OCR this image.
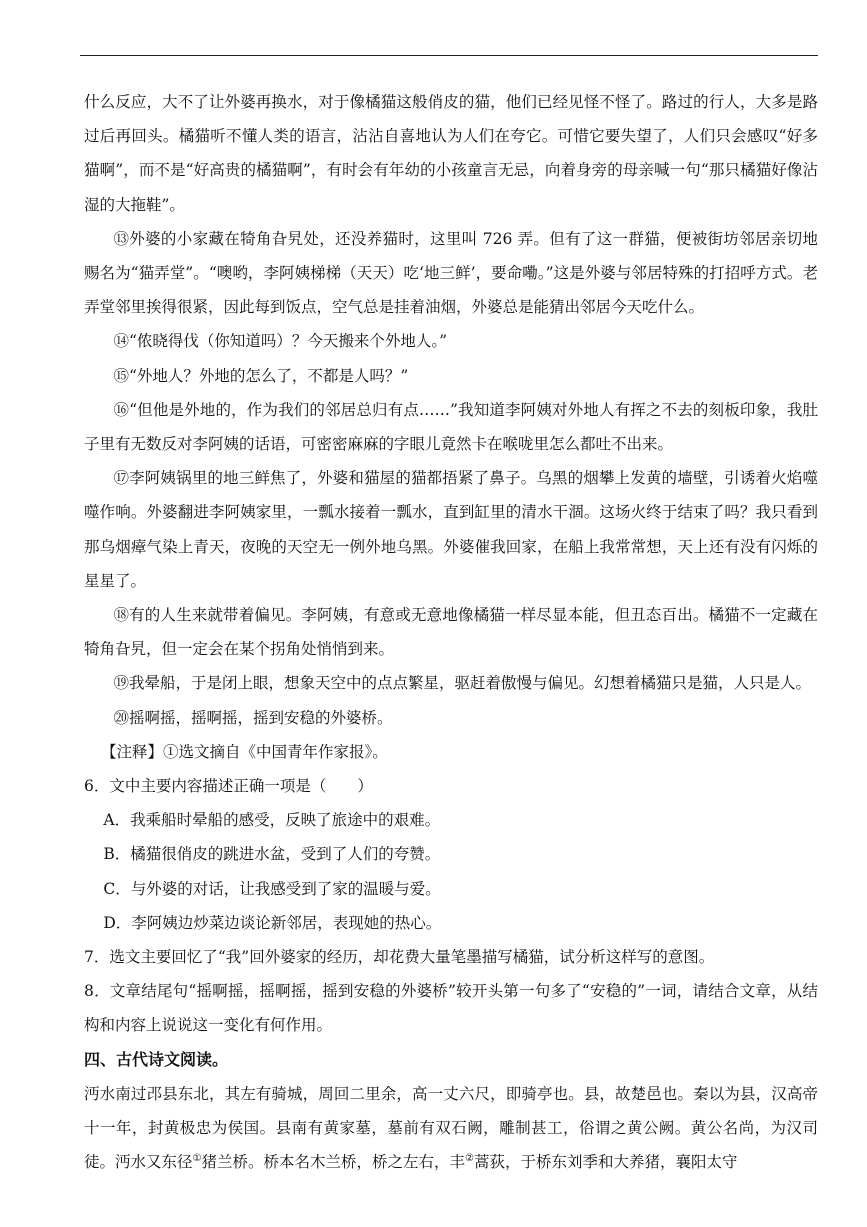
什么反应，大不了让外婆再换水，对于像橘猫这般俏皮的猫，他们已经见怪不怪了。路过的行人，大多是路过后再回头。橘猫听不懂人类的语言，沾沾自喜地认为人们在夸它。可惜它要失望了，人们只会感叹“好多猫啊”，而不是“好高贵的橘猫啊”，有时会有年幼的小孩童言无忌，向着身旁的母亲喊一句“那只橘猫好像沾湿的大拖鞋”。

⑬外婆的小家藏在犄角旮旯处，还没养猫时，这里叫 726 弄。但有了这一群猫，便被街坊邻居亲切地赐名为“猫弄堂”。“噢哟，李阿姨梯梯（天天）吃‘地三鲜’，要命嘞。”这是外婆与邻居特殊的打招呼方式。老弄堂邻里挨得很紧，因此每到饭点，空气总是挂着油烟，外婆总是能猜出邻居今天吃什么。

⑭“侬晓得伐（你知道吗）？今天搬来个外地人。”

⑮“外地人？外地的怎么了，不都是人吗？”

⑯“但他是外地的，作为我们的邻居总归有点……”我知道李阿姨对外地人有挥之不去的刻板印象，我肚子里有无数反对李阿姨的话语，可密密麻麻的字眼儿竟然卡在喉咙里怎么都吐不出来。

⑰李阿姨锅里的地三鲜焦了，外婆和猫屋的猫都捂紧了鼻子。乌黑的烟攀上发黄的墙壁，引诱着火焰噬噬作响。外婆翻进李阿姨家里，一瓢水接着一瓢水，直到缸里的清水干涸。这场火终于结束了吗？我只看到那乌烟瘴气染上青天，夜晚的天空无一例外地乌黑。外婆催我回家，在船上我常常想，天上还有没有闪烁的星星了。

⑱有的人生来就带着偏见。李阿姨，有意或无意地像橘猫一样尽显本能，但丑态百出。橘猫不一定藏在犄角旮旯，但一定会在某个拐角处悄悄到来。

⑲我晕船，于是闭上眼，想象天空中的点点繁星，驱赶着傲慢与偏见。幻想着橘猫只是猫，人只是人。

⑳摇啊摇，摇啊摇，摇到安稳的外婆桥。

【注释】①选文摘自《中国青年作家报》。

6．文中主要内容描述正确一项是（　　）

A．我乘船时晕船的感受，反映了旅途中的艰难。

B．橘猫很俏皮的跳进水盆，受到了人们的夸赞。

C．与外婆的对话，让我感受到了家的温暖与爱。

D．李阿姨边炒菜边谈论新邻居，表现她的热心。

7．选文主要回忆了“我”回外婆家的经历，却花费大量笔墨描写橘猫，试分析这样写的意图。

8．文章结尾句“摇啊摇，摇啊摇，摇到安稳的外婆桥”较开头第一句多了“安稳的”一词，请结合文章，从结构和内容上说说这一变化有何作用。

四、古代诗文阅读。

沔水南过邔县东北，其左有骑城，周回二里余，高一丈六尺，即骑亭也。县，故楚邑也。秦以为县，汉高帝十一年，封黄极忠为侯国。县南有黄家墓，墓前有双石阙，雕制甚工，俗谓之黄公阙。黄公名尚，为汉司徒。沔水又东径①猪兰桥。桥本名木兰桥，桥之左右，丰②蒿荻，于桥东刘季和大养猪，襄阳太守
